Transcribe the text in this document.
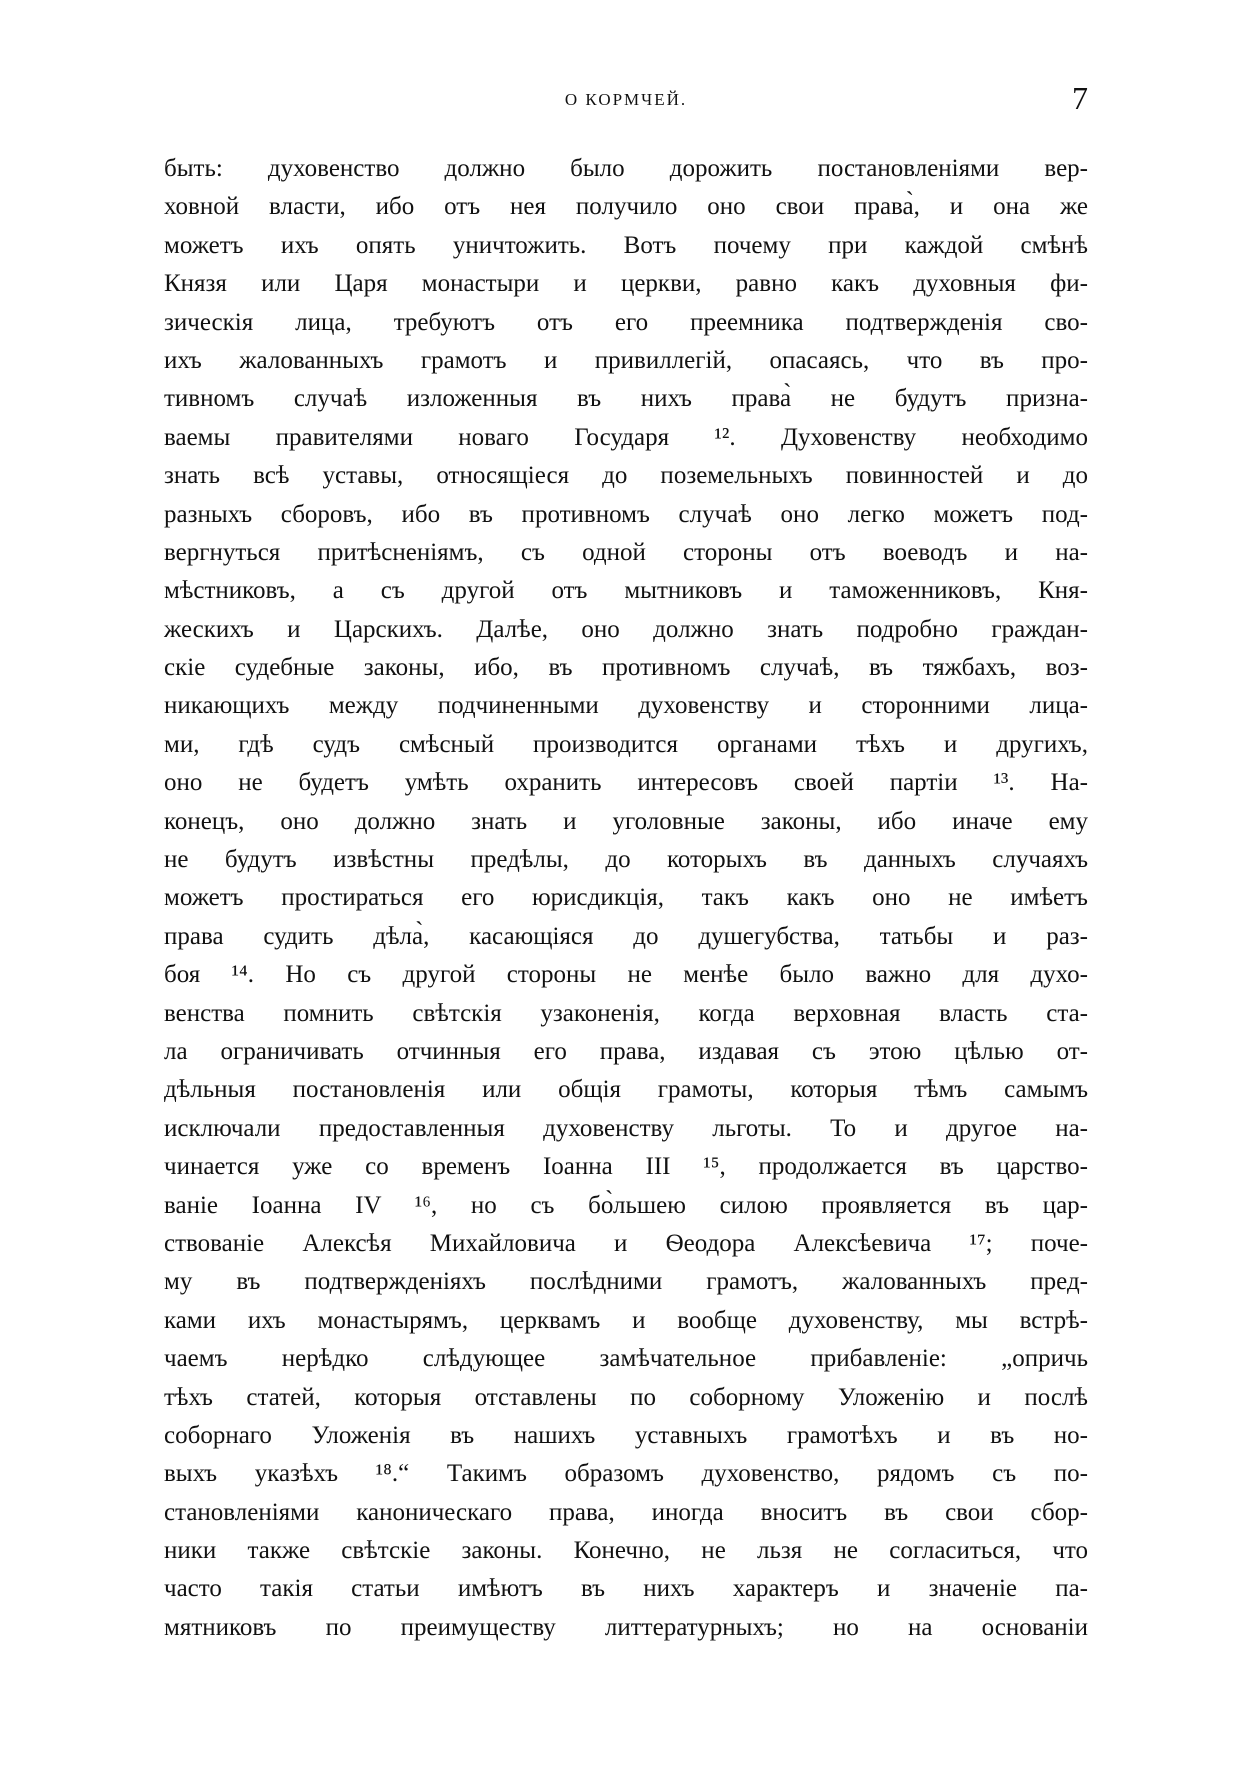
О КОРМЧЕЙ.	7
быть: духовенство должно было дорожить постановленіями вер-
ховной власти, ибо отъ нея получило оно свои права̀, и она же
можетъ ихъ опять уничтожить. Вотъ почему при каждой смѣнѣ
Князя или Царя монастыри и церкви, равно какъ духовныя фи-
зическія лица, требуютъ отъ его преемника подтвержденія сво-
ихъ жалованныхъ грамотъ и привиллегій, опасаясь, что въ про-
тивномъ случаѣ изложенныя въ нихъ права̀ не будутъ признa-
ваемы правителями новаго Государя ¹². Духовенству необходимо
знать всѣ уставы, относящіеся до поземельныхъ повинностей и до
разныхъ сборовъ, ибо въ противномъ случаѣ оно легко можетъ под-
вергнуться притѣсненіямъ, съ одной стороны отъ воеводъ и на-
мѣстниковъ, а съ другой отъ мытниковъ и таможенниковъ, Кня-
жескихъ и Царскихъ. Далѣе, оно должно знать подробно граждан-
скіе судебные законы, ибо, въ противномъ случаѣ, въ тяжбахъ, воз-
никающихъ между подчиненными духовенству и сторонними лица-
ми, гдѣ судъ смѣсный производится органами тѣхъ и другихъ,
оно не будетъ умѣть охранить интересовъ своей партіи ¹³. На-
конецъ, оно должно знать и уголовные законы, ибо иначе ему
не будутъ извѣстны предѣлы, до которыхъ въ данныхъ случаяхъ
можетъ простираться его юрисдикція, такъ какъ оно не имѣетъ
права судить дѣла̀, касающіяся до душегубства, татьбы и раз-
боя ¹⁴. Но съ другой стороны не менѣе было важно для духо-
венства помнить свѣтскія узаконенія, когда верховная власть ста-
ла ограничивать отчинныя его права, издавая съ этою цѣлью от-
дѣльныя постановленія или общія грамоты, которыя тѣмъ самымъ
исключали предоставленныя духовенству льготы. То и другое на-
чинается уже со временъ Іоанна III ¹⁵, продолжается въ царство-
ваніе Іоанна IV ¹⁶, но съ бо̀льшею силою проявляется въ цар-
ствованіе Алексѣя Михайловича и Ѳеодора Алексѣевича ¹⁷; поче-
му въ подтвержденіяхъ послѣдними грамотъ, жалованныхъ пред-
ками ихъ монастырямъ, церквамъ и вообще духовенству, мы встрѣ-
чаемъ нерѣдко слѣдующее замѣчательное прибавленіе: „опричь
тѣхъ статей, которыя отставлены по соборному Уложенію и послѣ
соборнаго Уложенія въ нашихъ уставныхъ грамотѣхъ и въ но-
выхъ указѣхъ ¹⁸.“ Такимъ образомъ духовенство, рядомъ съ по-
становленіями каноническаго права, иногда вноситъ въ свои сбор-
ники также свѣтскіе законы. Конечно, не льзя не согласиться, что
часто такія статьи имѣютъ въ нихъ характеръ и значеніе па-
мятниковъ по преимуществу литтературныхъ; но на основаніи
